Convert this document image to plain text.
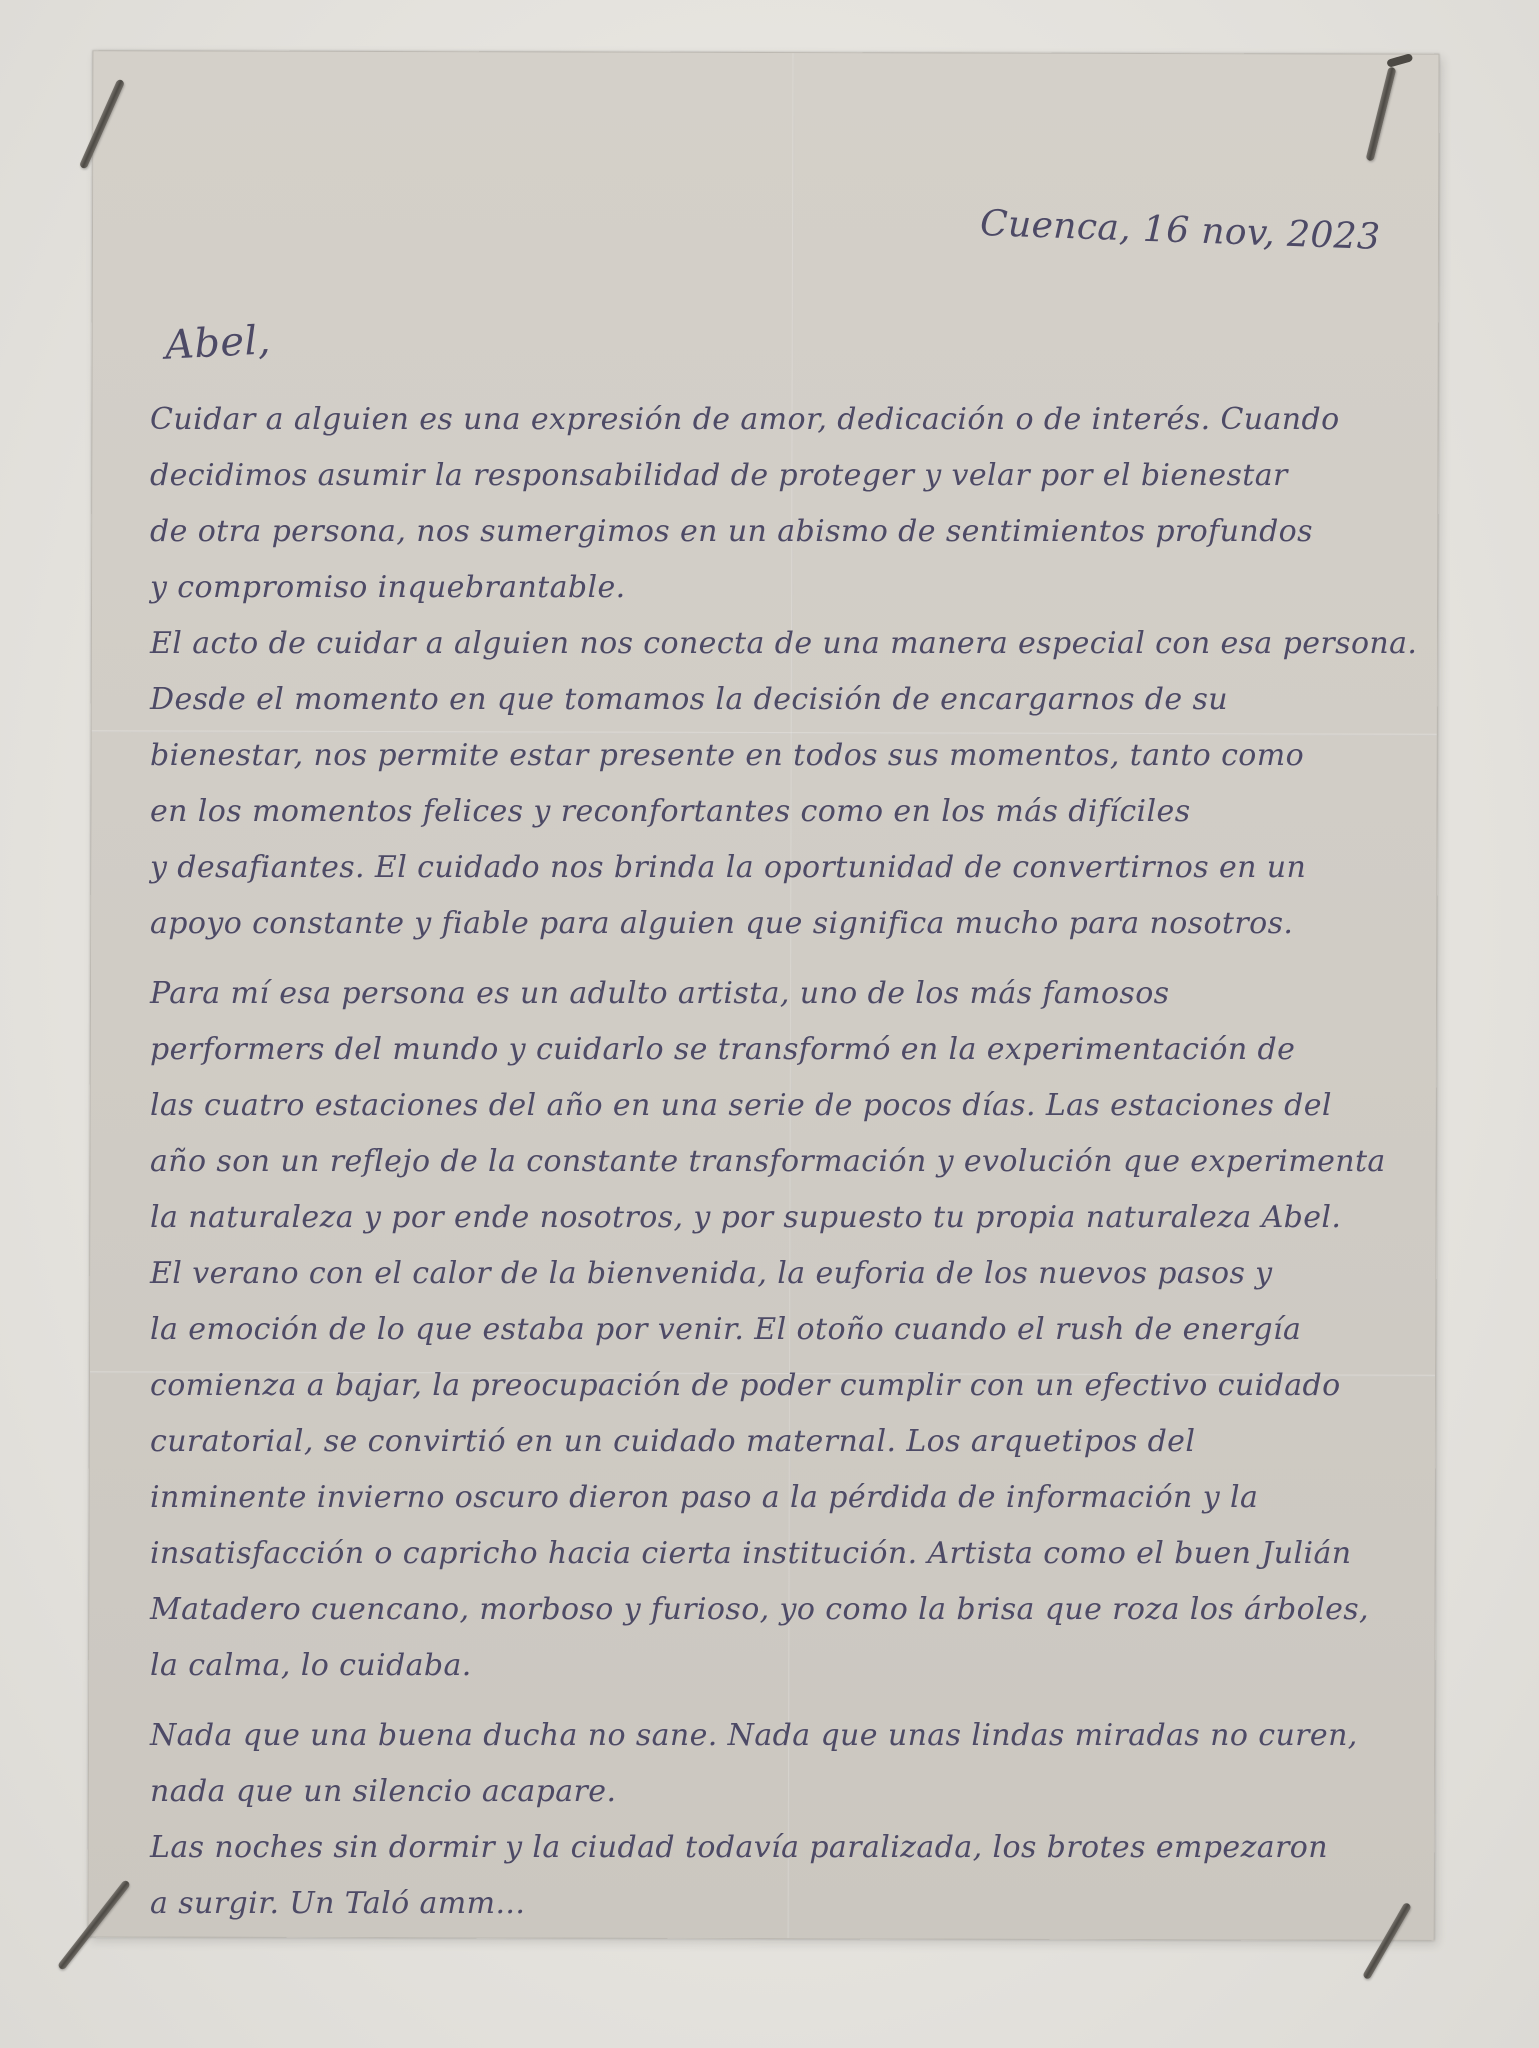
Cuenca, 16 nov, 2023
Abel,
Cuidar a alguien es una expresión de amor, dedicación o de interés. Cuando
decidimos asumir la responsabilidad de proteger y velar por el bienestar
de otra persona, nos sumergimos en un abismo de sentimientos profundos
y compromiso inquebrantable.
El acto de cuidar a alguien nos conecta de una manera especial con esa persona.
Desde el momento en que tomamos la decisión de encargarnos de su
bienestar, nos permite estar presente en todos sus momentos, tanto como
en los momentos felices y reconfortantes como en los más difíciles
y desafiantes. El cuidado nos brinda la oportunidad de convertirnos en un
apoyo constante y fiable para alguien que significa mucho para nosotros.
Para mí esa persona es un adulto artista, uno de los más famosos
performers del mundo y cuidarlo se transformó en la experimentación de
las cuatro estaciones del año en una serie de pocos días. Las estaciones del
año son un reflejo de la constante transformación y evolución que experimenta
la naturaleza y por ende nosotros, y por supuesto tu propia naturaleza Abel.
El verano con el calor de la bienvenida, la euforia de los nuevos pasos y
la emoción de lo que estaba por venir. El otoño cuando el rush de energía
comienza a bajar, la preocupación de poder cumplir con un efectivo cuidado
curatorial, se convirtió en un cuidado maternal. Los arquetipos del
inminente invierno oscuro dieron paso a la pérdida de información y la
insatisfacción o capricho hacia cierta institución. Artista como el buen Julián
Matadero cuencano, morboso y furioso, yo como la brisa que roza los árboles,
la calma, lo cuidaba.
Nada que una buena ducha no sane. Nada que unas lindas miradas no curen,
nada que un silencio acapare.
Las noches sin dormir y la ciudad todavía paralizada, los brotes empezaron
a surgir. Un Taló amm...
